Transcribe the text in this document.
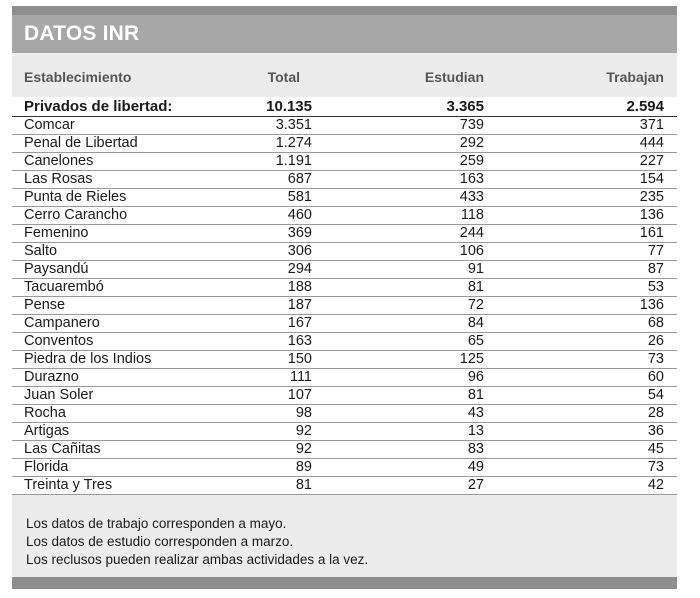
DATOS INR
Establecimiento	Total	Estudian	Trabajan
Privados de libertad:	10.135	3.365	2.594
Comcar	3.351	739	371
Penal de Libertad	1.274	292	444
Canelones	1.191	259	227
Las Rosas	687	163	154
Punta de Rieles	581	433	235
Cerro Carancho	460	118	136
Femenino	369	244	161
Salto	306	106	77
Paysandú	294	91	87
Tacuarembó	188	81	53
Pense	187	72	136
Campanero	167	84	68
Conventos	163	65	26
Piedra de los Indios	150	125	73
Durazno	111	96	60
Juan Soler	107	81	54
Rocha	98	43	28
Artigas	92	13	36
Las Cañitas	92	83	45
Florida	89	49	73
Treinta y Tres	81	27	42
Los datos de trabajo corresponden a mayo.
Los datos de estudio corresponden a marzo.
Los reclusos pueden realizar ambas actividades a la vez.
